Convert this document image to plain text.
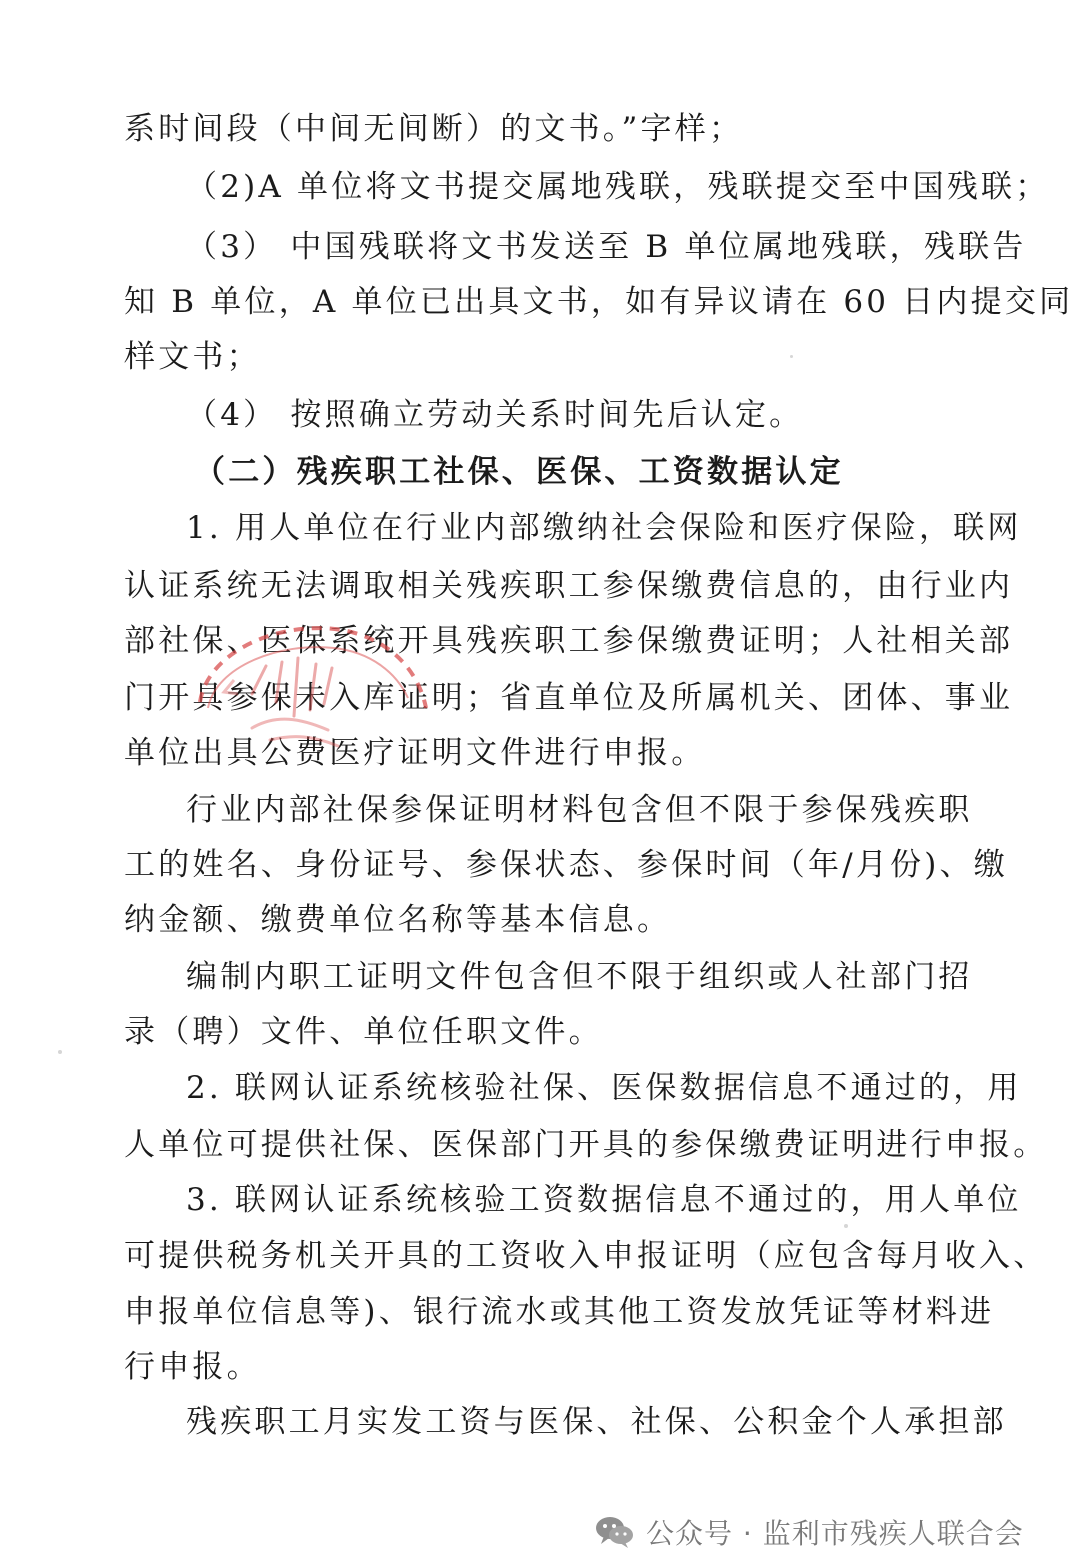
系时间段（中间无间断）的文书。”字样；

（2)A 单位将文书提交属地残联，残联提交至中国残联；

（3） 中国残联将文书发送至 B 单位属地残联，残联告

知 B 单位，A 单位已出具文书，如有异议请在 60 日内提交同

样文书；

（4） 按照确立劳动关系时间先后认定。

（二）残疾职工社保、医保、工资数据认定

1. 用人单位在行业内部缴纳社会保险和医疗保险，联网

认证系统无法调取相关残疾职工参保缴费信息的，由行业内

部社保、医保系统开具残疾职工参保缴费证明；人社相关部

门开具参保未入库证明；省直单位及所属机关、团体、事业

单位出具公费医疗证明文件进行申报。

行业内部社保参保证明材料包含但不限于参保残疾职

工的姓名、身份证号、参保状态、参保时间（年/月份)、缴

纳金额、缴费单位名称等基本信息。

编制内职工证明文件包含但不限于组织或人社部门招

录（聘）文件、单位任职文件。

2. 联网认证系统核验社保、医保数据信息不通过的，用

人单位可提供社保、医保部门开具的参保缴费证明进行申报。

3. 联网认证系统核验工资数据信息不通过的，用人单位

可提供税务机关开具的工资收入申报证明（应包含每月收入、

申报单位信息等)、银行流水或其他工资发放凭证等材料进

行申报。

残疾职工月实发工资与医保、社保、公积金个人承担部

公众号 · 监利市残疾人联合会
